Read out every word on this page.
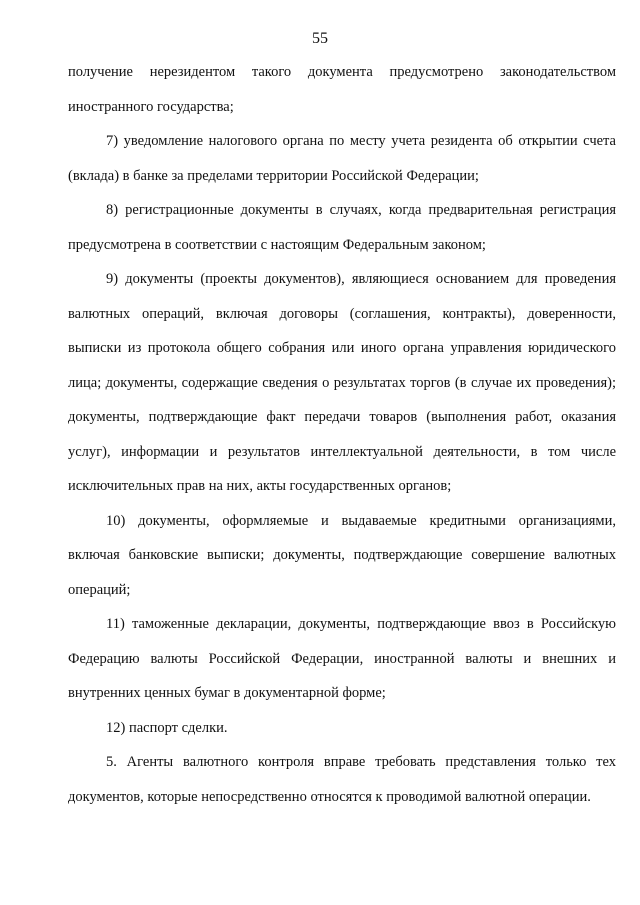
55

получение нерезидентом такого документа предусмотрено законодательством иностранного государства;

7) уведомление налогового органа по месту учета резидента об открытии счета (вклада) в банке за пределами территории Российской Федерации;

8) регистрационные документы в случаях, когда предварительная регистрация предусмотрена в соответствии с настоящим Федеральным законом;

9) документы (проекты документов), являющиеся основанием для проведения валютных операций, включая договоры (соглашения, контракты), доверенности, выписки из протокола общего собрания или иного органа управления юридического лица; документы, содержащие сведения о результатах торгов (в случае их проведения); документы, подтверждающие факт передачи товаров (выполнения работ, оказания услуг), информации и результатов интеллектуальной деятельности, в том числе исключительных прав на них, акты государственных органов;

10) документы, оформляемые и выдаваемые кредитными организациями, включая банковские выписки; документы, подтверждающие совершение валютных операций;

11) таможенные декларации, документы, подтверждающие ввоз в Российскую Федерацию валюты Российской Федерации, иностранной валюты и внешних и внутренних ценных бумаг в документарной форме;

12) паспорт сделки.

5. Агенты валютного контроля вправе требовать представления только тех документов, которые непосредственно относятся к проводимой валютной операции.
